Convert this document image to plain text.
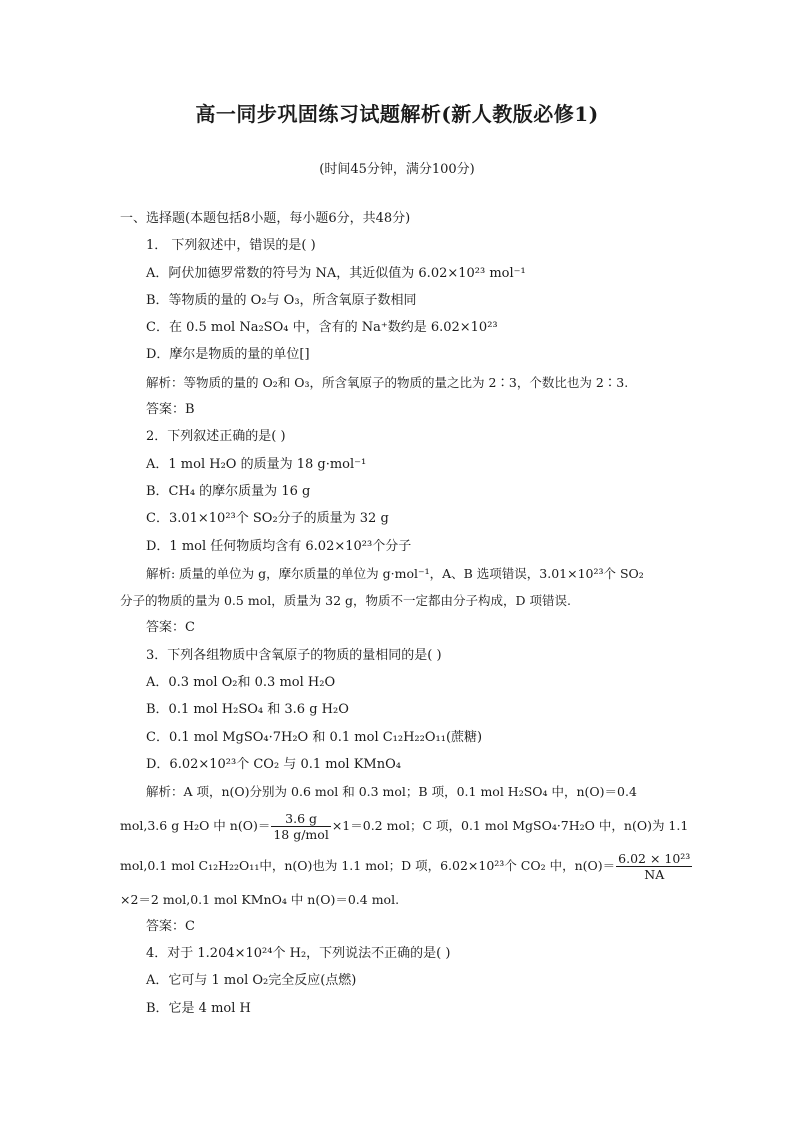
高一同步巩固练习试题解析(新人教版必修1)
(时间45分钟，满分100分)
一、选择题(本题包括8小题，每小题6分，共48分)
1． 下列叙述中，错误的是( )
A．阿伏加德罗常数的符号为 NA，其近似值为 6.02×10²³ mol⁻¹
B．等物质的量的 O₂与 O₃，所含氧原子数相同
C．在 0.5 mol Na₂SO₄ 中，含有的 Na⁺数约是 6.02×10²³
D．摩尔是物质的量的单位[]
解析：等物质的量的 O₂和 O₃，所含氧原子的物质的量之比为 2∶3，个数比也为 2∶3.
答案：B
2．下列叙述正确的是( )
A．1 mol H₂O 的质量为 18 g·mol⁻¹
B．CH₄ 的摩尔质量为 16 g
C．3.01×10²³个 SO₂分子的质量为 32 g
D．1 mol 任何物质均含有 6.02×10²³个分子
解析: 质量的单位为 g，摩尔质量的单位为 g·mol⁻¹，A、B 选项错误，3.01×10²³个 SO₂
分子的物质的量为 0.5 mol，质量为 32 g，物质不一定都由分子构成，D 项错误.
答案：C
3．下列各组物质中含氧原子的物质的量相同的是( )
A．0.3 mol O₂和 0.3 mol H₂O
B．0.1 mol H₂SO₄ 和 3.6 g H₂O
C．0.1 mol MgSO₄·7H₂O 和 0.1 mol C₁₂H₂₂O₁₁(蔗糖)
D．6.02×10²³个 CO₂ 与 0.1 mol KMnO₄
解析：A 项，n(O)分别为 0.6 mol 和 0.3 mol；B 项，0.1 mol H₂SO₄ 中，n(O)＝0.4
mol,3.6 g H₂O 中 $n(O)= \frac{3.6 g}{\text{18 g/mol}} \times 1=0.2$ mol；C 项，0.1 mol MgSO₄·7H₂O 中，n(O)为 1.1
mol,0.1 mol C₁₂H₂₂O₁₁中，n(O)也为 1.1 mol；D 项，6.02×10²³个 CO₂ 中，$n(O)= \frac{\text{6.02 × 10²³}}{NA}$
×2＝2 mol,0.1 mol KMnO₄ 中 n(O)＝0.4 mol.
答案：C
4．对于 1.204×10²⁴个 H₂，下列说法不正确的是( )
A．它可与 1 mol O₂完全反应(点燃)
B．它是 4 mol H
